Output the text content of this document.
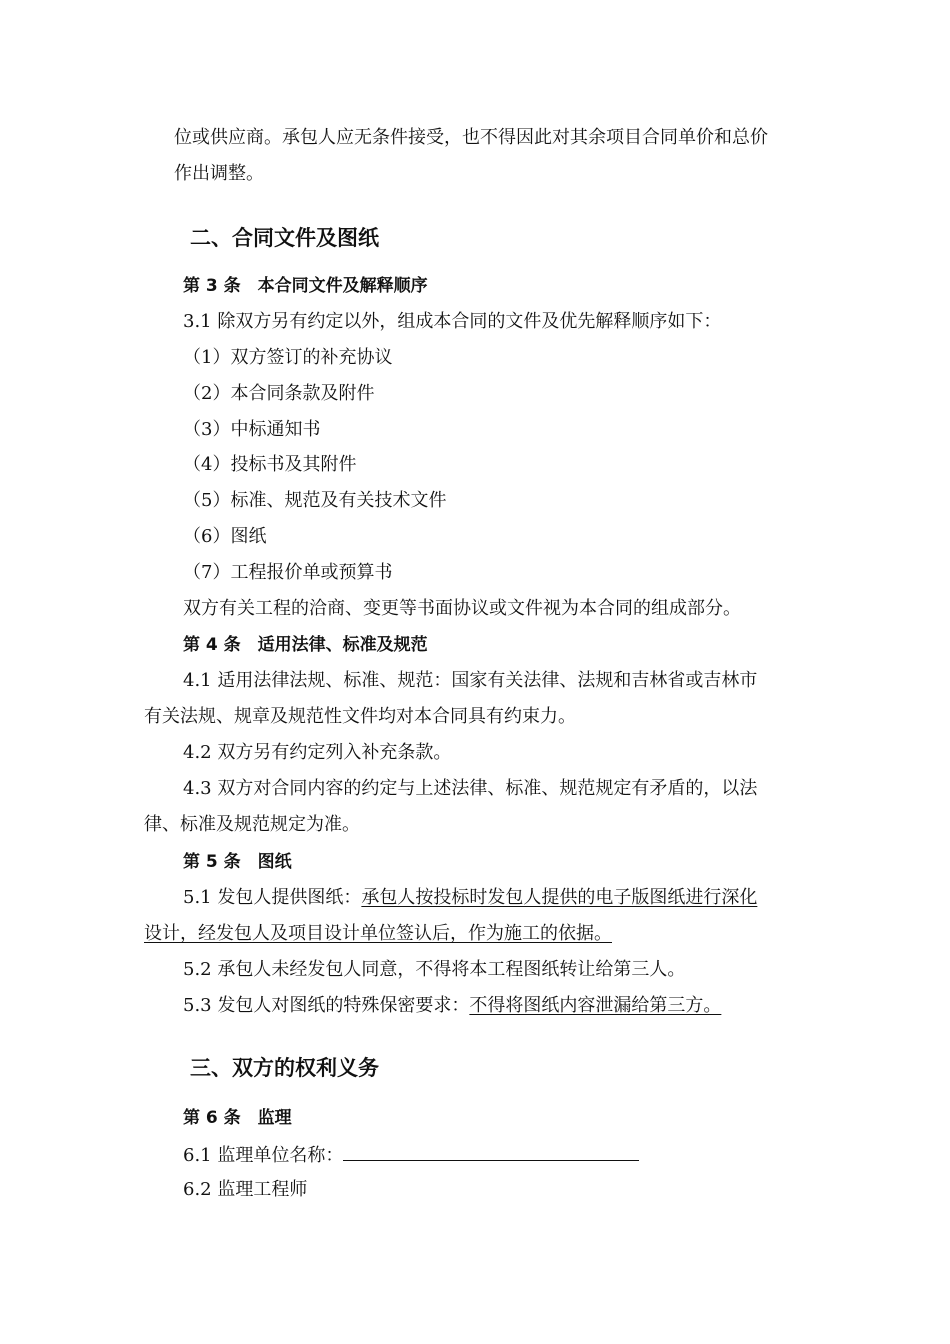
位或供应商。承包人应无条件接受，也不得因此对其余项目合同单价和总价
作出调整。
二、合同文件及图纸
第 3 条　本合同文件及解释顺序
3.1 除双方另有约定以外，组成本合同的文件及优先解释顺序如下：
（1）双方签订的补充协议
（2）本合同条款及附件
（3）中标通知书
（4）投标书及其附件
（5）标准、规范及有关技术文件
（6）图纸
（7）工程报价单或预算书
双方有关工程的洽商、变更等书面协议或文件视为本合同的组成部分。
第 4 条　适用法律、标准及规范
4.1 适用法律法规、标准、规范：国家有关法律、法规和吉林省或吉林市
有关法规、规章及规范性文件均对本合同具有约束力。
4.2 双方另有约定列入补充条款。
4.3 双方对合同内容的约定与上述法律、标准、规范规定有矛盾的，以法
律、标准及规范规定为准。
第 5 条　图纸
5.1 发包人提供图纸：承包人按投标时发包人提供的电子版图纸进行深化
设计，经发包人及项目设计单位签认后，作为施工的依据。
5.2 承包人未经发包人同意，不得将本工程图纸转让给第三人。
5.3 发包人对图纸的特殊保密要求：不得将图纸内容泄漏给第三方。
三、双方的权利义务
第 6 条　监理
6.1 监理单位名称：
6.2 监理工程师
